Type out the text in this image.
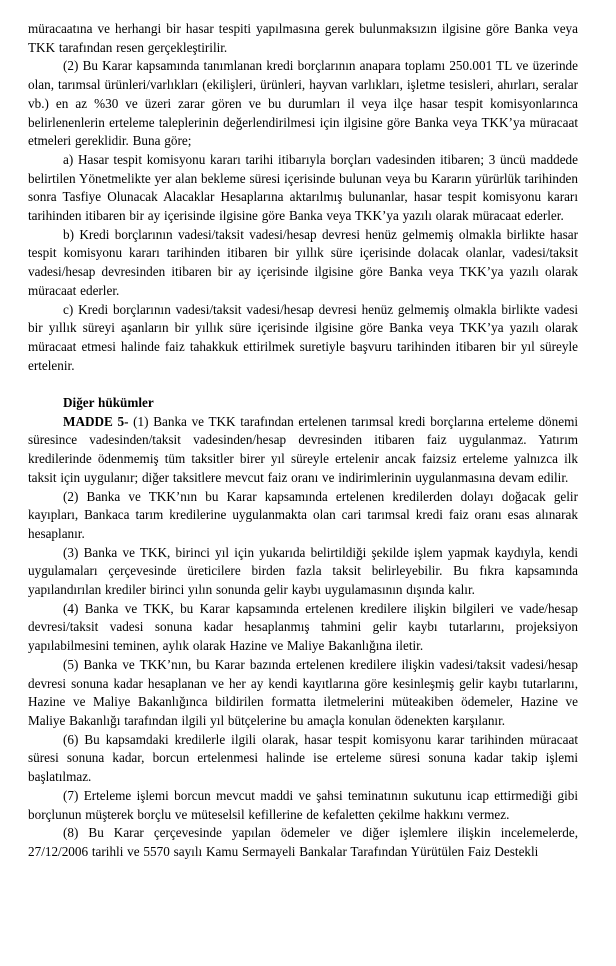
müracaatına ve herhangi bir hasar tespiti yapılmasına gerek bulunmaksızın ilgisine göre Banka veya TKK tarafından resen gerçekleştirilir.

(2) Bu Karar kapsamında tanımlanan kredi borçlarının anapara toplamı 250.001 TL ve üzerinde olan, tarımsal ürünleri/varlıkları (ekilişleri, ürünleri, hayvan varlıkları, işletme tesisleri, ahırları, seralar vb.) en az %30 ve üzeri zarar gören ve bu durumları il veya ilçe hasar tespit komisyonlarınca belirlenenlerin erteleme taleplerinin değerlendirilmesi için ilgisine göre Banka veya TKK’ya müracaat etmeleri gereklidir. Buna göre;

a) Hasar tespit komisyonu kararı tarihi itibarıyla borçları vadesinden itibaren; 3 üncü maddede belirtilen Yönetmelikte yer alan bekleme süresi içerisinde bulunan veya bu Kararın yürürlük tarihinden sonra Tasfiye Olunacak Alacaklar Hesaplarına aktarılmış bulunanlar, hasar tespit komisyonu kararı tarihinden itibaren bir ay içerisinde ilgisine göre Banka veya TKK’ya yazılı olarak müracaat ederler.

b) Kredi borçlarının vadesi/taksit vadesi/hesap devresi henüz gelmemiş olmakla birlikte hasar tespit komisyonu kararı tarihinden itibaren bir yıllık süre içerisinde dolacak olanlar, vadesi/taksit vadesi/hesap devresinden itibaren bir ay içerisinde ilgisine göre Banka veya TKK’ya yazılı olarak müracaat ederler.

c) Kredi borçlarının vadesi/taksit vadesi/hesap devresi henüz gelmemiş olmakla birlikte vadesi bir yıllık süreyi aşanların bir yıllık süre içerisinde ilgisine göre Banka veya TKK’ya yazılı olarak müracaat etmesi halinde faiz tahakkuk ettirilmek suretiyle başvuru tarihinden itibaren bir yıl süreyle ertelenir.

Diğer hükümler

MADDE 5- (1) Banka ve TKK tarafından ertelenen tarımsal kredi borçlarına erteleme dönemi süresince vadesinden/taksit vadesinden/hesap devresinden itibaren faiz uygulanmaz. Yatırım kredilerinde ödenmemiş tüm taksitler birer yıl süreyle ertelenir ancak faizsiz erteleme yalnızca ilk taksit için uygulanır; diğer taksitlere mevcut faiz oranı ve indirimlerinin uygulanmasına devam edilir.

(2) Banka ve TKK’nın bu Karar kapsamında ertelenen kredilerden dolayı doğacak gelir kayıpları, Bankaca tarım kredilerine uygulanmakta olan cari tarımsal kredi faiz oranı esas alınarak hesaplanır.

(3) Banka ve TKK, birinci yıl için yukarıda belirtildiği şekilde işlem yapmak kaydıyla, kendi uygulamaları çerçevesinde üreticilere birden fazla taksit belirleyebilir. Bu fıkra kapsamında yapılandırılan krediler birinci yılın sonunda gelir kaybı uygulamasının dışında kalır.

(4) Banka ve TKK, bu Karar kapsamında ertelenen kredilere ilişkin bilgileri ve vade/hesap devresi/taksit vadesi sonuna kadar hesaplanmış tahmini gelir kaybı tutarlarını, projeksiyon yapılabilmesini teminen, aylık olarak Hazine ve Maliye Bakanlığına iletir.

(5) Banka ve TKK’nın, bu Karar bazında ertelenen kredilere ilişkin vadesi/taksit vadesi/hesap devresi sonuna kadar hesaplanan ve her ay kendi kayıtlarına göre kesinleşmiş gelir kaybı tutarlarını, Hazine ve Maliye Bakanlığınca bildirilen formatta iletmelerini müteakiben ödemeler, Hazine ve Maliye Bakanlığı tarafından ilgili yıl bütçelerine bu amaçla konulan ödenekten karşılanır.

(6) Bu kapsamdaki kredilerle ilgili olarak, hasar tespit komisyonu karar tarihinden müracaat süresi sonuna kadar, borcun ertelenmesi halinde ise erteleme süresi sonuna kadar takip işlemi başlatılmaz.

(7) Erteleme işlemi borcun mevcut maddi ve şahsi teminatının sukutunu icap ettirmediği gibi borçlunun müşterek borçlu ve müteselsil kefillerine de kefaletten çekilme hakkını vermez.

(8) Bu Karar çerçevesinde yapılan ödemeler ve diğer işlemlere ilişkin incelemelerde, 27/12/2006 tarihli ve 5570 sayılı Kamu Sermayeli Bankalar Tarafından Yürütülen Faiz Destekli
